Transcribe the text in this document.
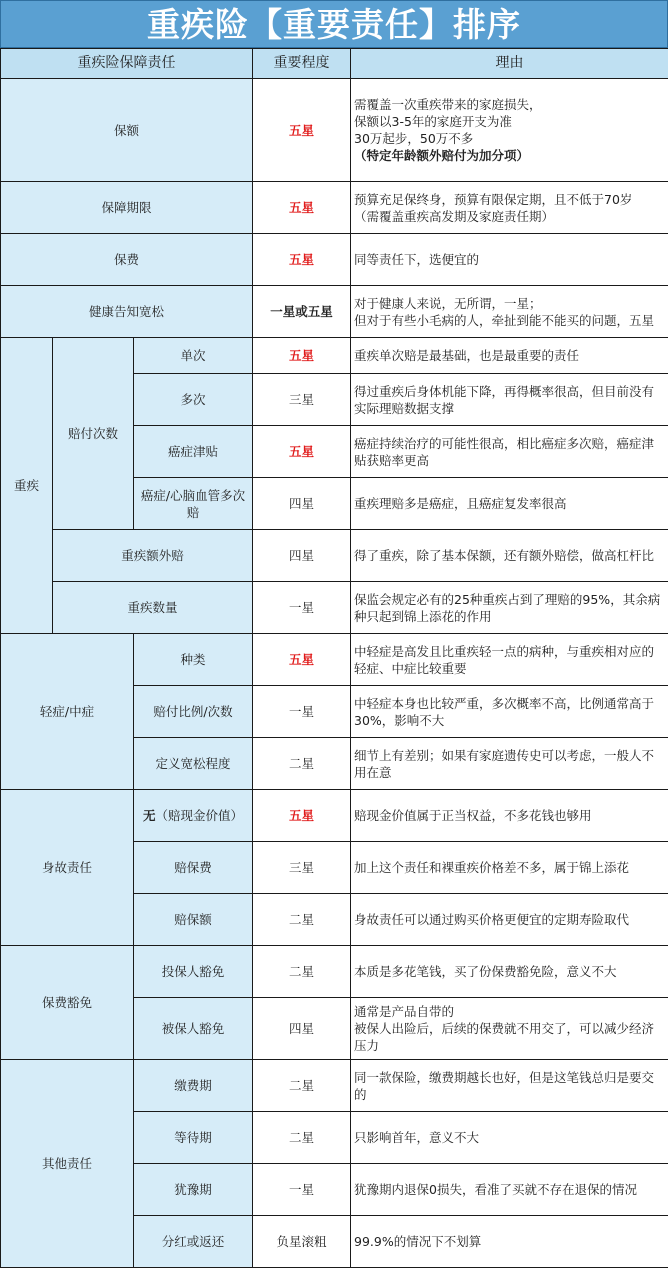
重疾险【重要责任】排序
重疾险保障责任			重要程度	理由
保额			五星	需覆盖一次重疾带来的家庭损失，
保额以3-5年的家庭开支为准
30万起步，50万不多
（特定年龄额外赔付为加分项）

保障期限			五星	预算充足保终身，预算有限保定期，且不低于70岁
（需覆盖重疾高发期及家庭责任期）

保费			五星	同等责任下，选便宜的
健康告知宽松			一星或五星	对于健康人来说，无所谓，一星；
但对于有些小毛病的人，牵扯到能不能买的问题，五星

重疾	赔付次数	单次	五星	重疾单次赔是最基础，也是最重要的责任
		多次	三星	得过重疾后身体机能下降，再得概率很高，但目前没有实际理赔数据支撑
		癌症津贴	五星	癌症持续治疗的可能性很高，相比癌症多次赔，癌症津贴获赔率更高
		癌症/心脑血管多次赔	四星	重疾理赔多是癌症，且癌症复发率很高
	重疾额外赔		四星	得了重疾，除了基本保额，还有额外赔偿，做高杠杆比
	重疾数量		一星	保监会规定必有的25种重疾占到了理赔的95%，其余病种只起到锦上添花的作用
轻症/中症		种类	五星	中轻症是高发且比重疾轻一点的病种，与重疾相对应的轻症、中症比较重要
		赔付比例/次数	一星	中轻症本身也比较严重，多次概率不高，比例通常高于30%，影响不大
		定义宽松程度	二星	细节上有差别；如果有家庭遗传史可以考虑，一般人不用在意
身故责任		无（赔现金价值）	五星	赔现金价值属于正当权益，不多花钱也够用
		赔保费	三星	加上这个责任和裸重疾价格差不多，属于锦上添花
		赔保额	二星	身故责任可以通过购买价格更便宜的定期寿险取代
保费豁免		投保人豁免	二星	本质是多花笔钱，买了份保费豁免险，意义不大
		被保人豁免	四星	通常是产品自带的
被保人出险后，后续的保费就不用交了，可以减少经济压力

其他责任		缴费期	二星	同一款保险，缴费期越长也好，但是这笔钱总归是要交的
		等待期	二星	只影响首年，意义不大
		犹豫期	一星	犹豫期内退保0损失，看准了买就不存在退保的情况
		分红或返还	负星滚粗	99.9%的情况下不划算
